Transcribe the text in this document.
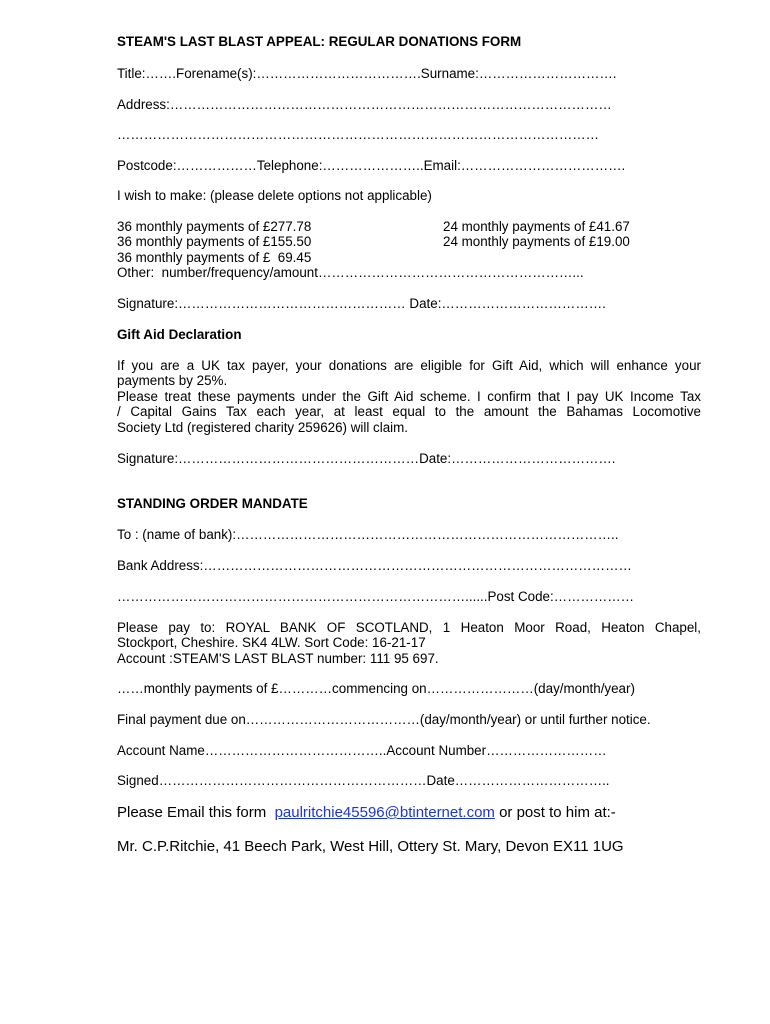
STEAM'S LAST BLAST APPEAL: REGULAR DONATIONS FORM
Title:…….Forename(s):……………………………….Surname:………………………….
Address:………………………………………………………………………………………
………………………………………………………………………………………………
Postcode:………………Telephone:…………………..Email:……………………………….
I wish to make: (please delete options not applicable)
36 monthly payments of £277.78
36 monthly payments of £155.50
36 monthly payments of £  69.45
24 monthly payments of £41.67
24 monthly payments of £19.00
Other:  number/frequency/amount…………………………………………………...
Signature:…………………………………………… Date:……………………………….
Gift Aid Declaration
If you are a UK tax payer, your donations are eligible for Gift Aid, which will enhance your
payments by 25%.
Please treat these payments under the Gift Aid scheme. I confirm that I pay UK Income Tax
/ Capital Gains Tax each year, at least equal to the amount the Bahamas Locomotive
Society Ltd (registered charity 259626) will claim.
Signature:………………………………………………Date:……………………………….
STANDING ORDER MANDATE
To : (name of bank):…………………………………………………………………………..
Bank Address:……………………………………………………………………………………
……………………………………………………………………......Post Code:………………
Please pay to: ROYAL BANK OF SCOTLAND, 1 Heaton Moor Road, Heaton Chapel,
Stockport, Cheshire. SK4 4LW. Sort Code: 16-21-17
Account :STEAM'S LAST BLAST number: 111 95 697.
……monthly payments of £…………commencing on……………………(day/month/year)
Final payment due on…………………………………(day/month/year) or until further notice.
Account Name…………………………………..Account Number………………………
Signed……………………………………………………Date……………………………..
Please Email this form  paulritchie45596@btinternet.com or post to him at:-
Mr. C.P.Ritchie, 41 Beech Park, West Hill, Ottery St. Mary, Devon EX11 1UG
